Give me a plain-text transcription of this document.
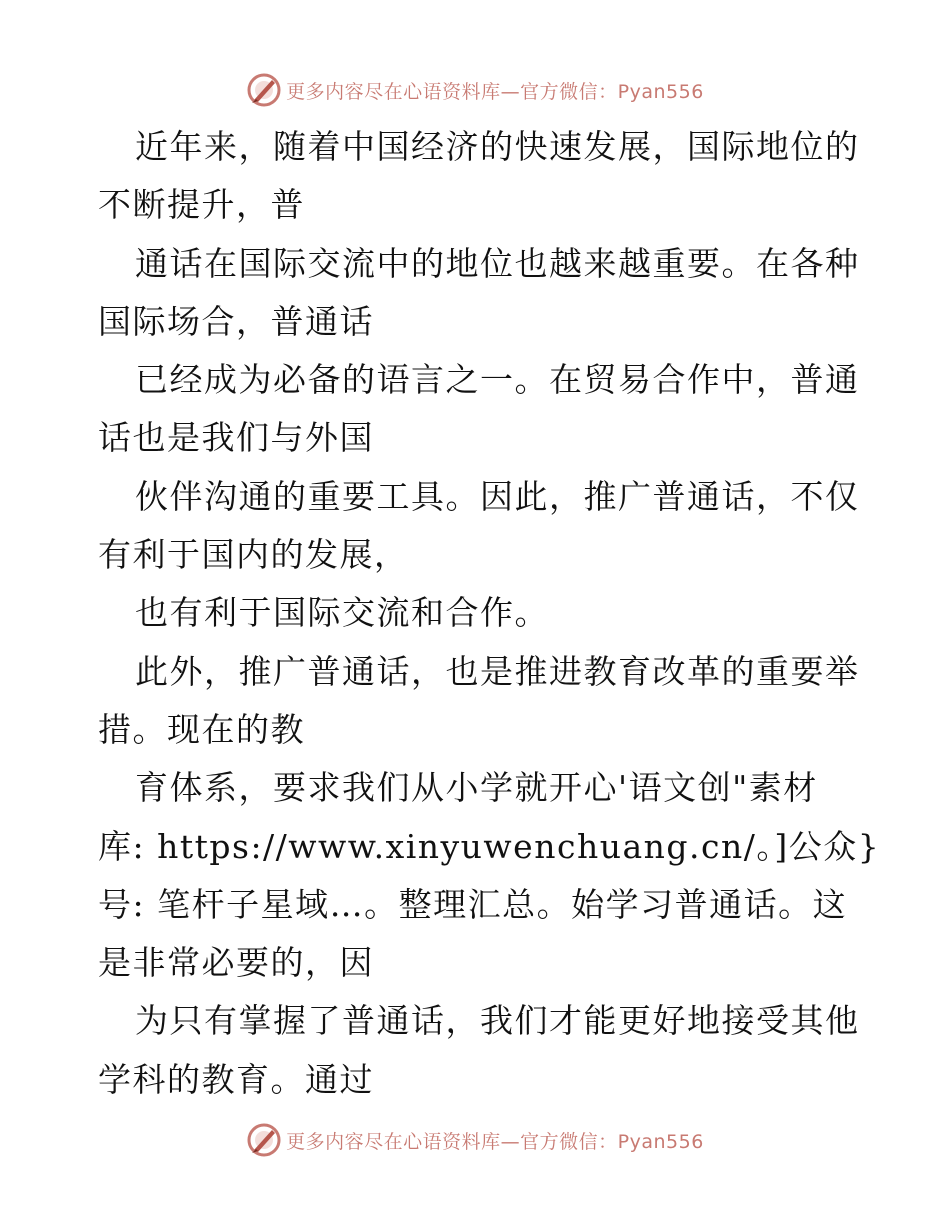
更多内容尽在心语资料库—官方微信：Pyan556
近年来，随着中国经济的快速发展，国际地位的
不断提升，普
通话在国际交流中的地位也越来越重要。在各种
国际场合，普通话
已经成为必备的语言之一。在贸易合作中，普通
话也是我们与外国
伙伴沟通的重要工具。因此，推广普通话，不仅
有利于国内的发展，
也有利于国际交流和合作。
此外，推广普通话，也是推进教育改革的重要举
措。现在的教
育体系，要求我们从小学就开心'语文创"素材
库: https://www.xinyuwenchuang.cn/。]公众}
号: 笔杆子星域…。整理汇总。始学习普通话。这
是非常必要的，因
为只有掌握了普通话，我们才能更好地接受其他
学科的教育。通过
更多内容尽在心语资料库—官方微信：Pyan556
